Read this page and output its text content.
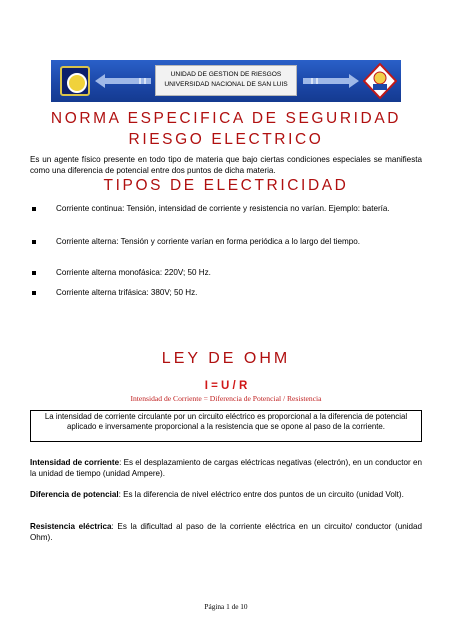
UNIDAD DE GESTION DE RIESGOS
UNIVERSIDAD NACIONAL DE SAN LUIS
NORMA ESPECIFICA DE SEGURIDAD
RIESGO ELECTRICO
Es un agente físico presente en todo tipo de materia que bajo ciertas condiciones especiales se manifiesta como una diferencia de potencial entre dos puntos de dicha materia.
TIPOS DE ELECTRICIDAD
Corriente continua: Tensión, intensidad de corriente y resistencia no varían. Ejemplo: batería.
Corriente alterna: Tensión y corriente varían en forma periódica a lo largo del tiempo.
Corriente alterna monofásica: 220V; 50 Hz.
Corriente alterna trifásica: 380V; 50 Hz.
LEY DE OHM
I = U / R
Intensidad de Corriente = Diferencia de Potencial / Resistencia
La intensidad de corriente circulante por un circuito eléctrico es proporcional a la diferencia de potencial aplicado e inversamente proporcional a la resistencia que se opone al paso de la corriente.
Intensidad de corriente: Es el desplazamiento de cargas eléctricas negativas (electrón), en un conductor en la unidad de tiempo (unidad Ampere).
Diferencia de potencial: Es la diferencia de nivel eléctrico entre dos puntos de un circuito (unidad Volt).
Resistencia eléctrica: Es la dificultad al paso de la corriente eléctrica en un circuito/ conductor (unidad Ohm).
Página 1 de 10
